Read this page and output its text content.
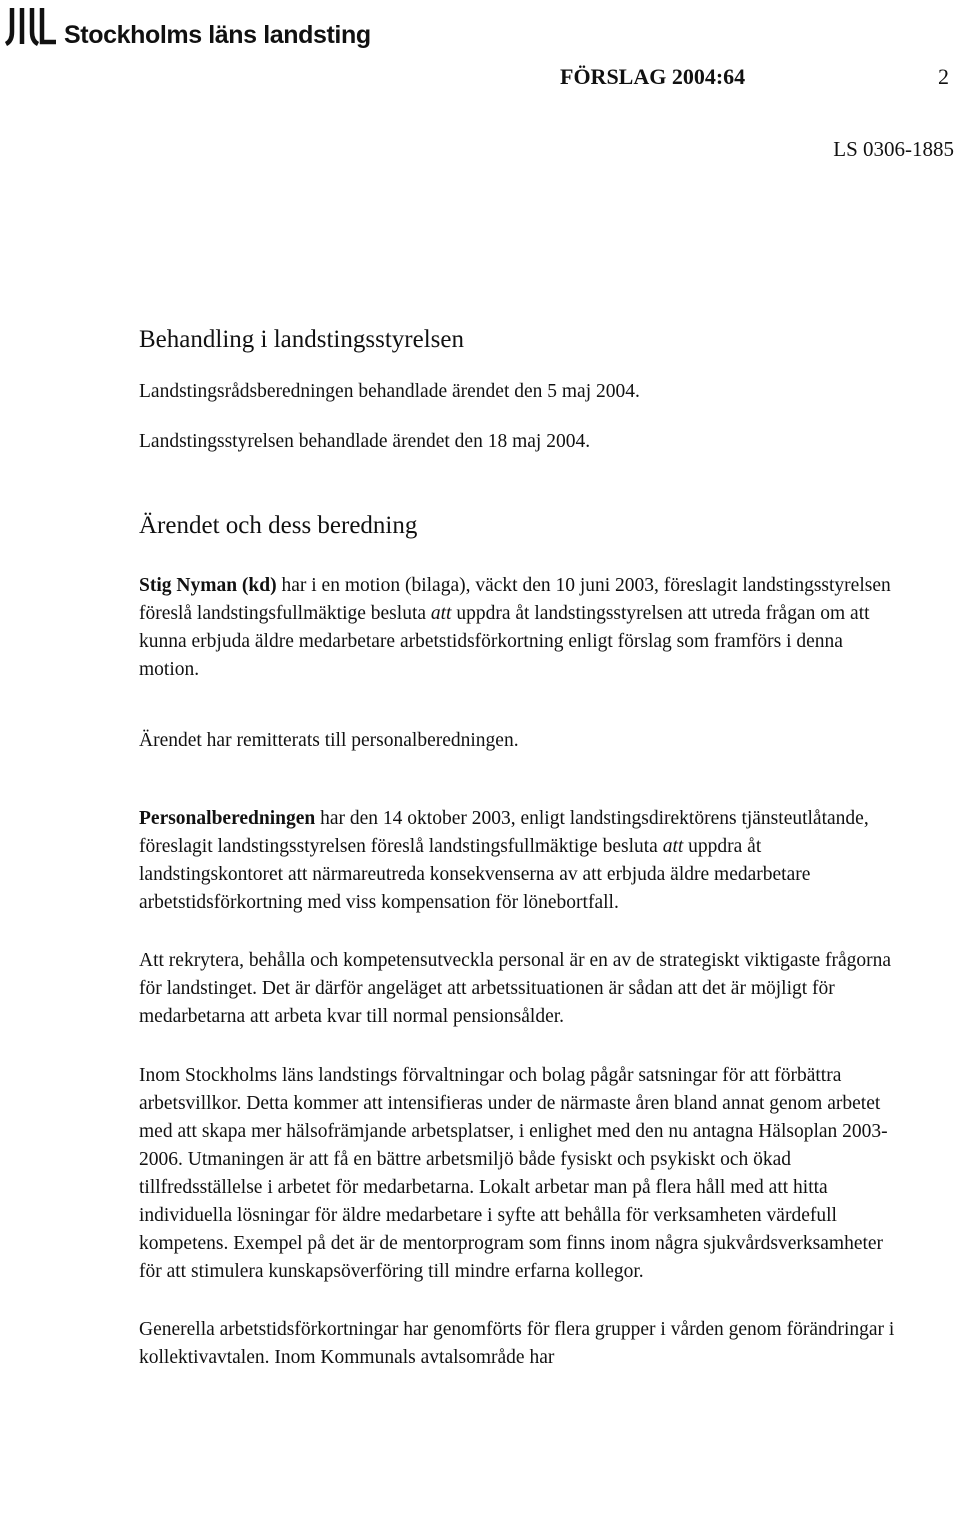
Stockholms läns landsting
FÖRSLAG 2004:64	2
LS 0306-1885
Behandling i landstingsstyrelsen

Landstingsrådsberedningen behandlade ärendet den 5 maj 2004.

Landstingsstyrelsen behandlade ärendet den 18 maj 2004.

Ärendet och dess beredning

Stig Nyman (kd) har i en motion (bilaga), väckt den 10 juni 2003, föreslagit landstingsstyrelsen föreslå landstingsfullmäktige besluta att uppdra åt landstingsstyrelsen att utreda frågan om att kunna erbjuda äldre medarbetare arbetstidsförkortning enligt förslag som framförs i denna motion.

Ärendet har remitterats till personalberedningen.

Personalberedningen har den 14 oktober 2003, enligt landstingsdirektörens tjänsteutlåtande, föreslagit landstingsstyrelsen föreslå landstingsfullmäktige besluta att uppdra åt landstingskontoret att närmareutreda konsekvenserna av att erbjuda äldre medarbetare arbetstidsförkortning med viss kompensation för lönebortfall.

Att rekrytera, behålla och kompetensutveckla personal är en av de strategiskt viktigaste frågorna för landstinget. Det är därför angeläget att arbetssituationen är sådan att det är möjligt för medarbetarna att arbeta kvar till normal pensionsålder.

Inom Stockholms läns landstings förvaltningar och bolag pågår satsningar för att förbättra arbetsvillkor. Detta kommer att intensifieras under de närmaste åren bland annat genom arbetet med att skapa mer hälsofrämjande arbetsplatser, i enlighet med den nu antagna Hälsoplan 2003-2006. Utmaningen är att få en bättre arbetsmiljö både fysiskt och psykiskt och ökad tillfredsställelse i arbetet för medarbetarna. Lokalt arbetar man på flera håll med att hitta individuella lösningar för äldre medarbetare i syfte att behålla för verksamheten värdefull kompetens. Exempel på det är de mentorprogram som finns inom några sjukvårdsverksamheter för att stimulera kunskapsöverföring till mindre erfarna kollegor.

Generella arbetstidsförkortningar har genomförts för flera grupper i vården genom förändringar i kollektivavtalen. Inom Kommunals avtalsområde har
